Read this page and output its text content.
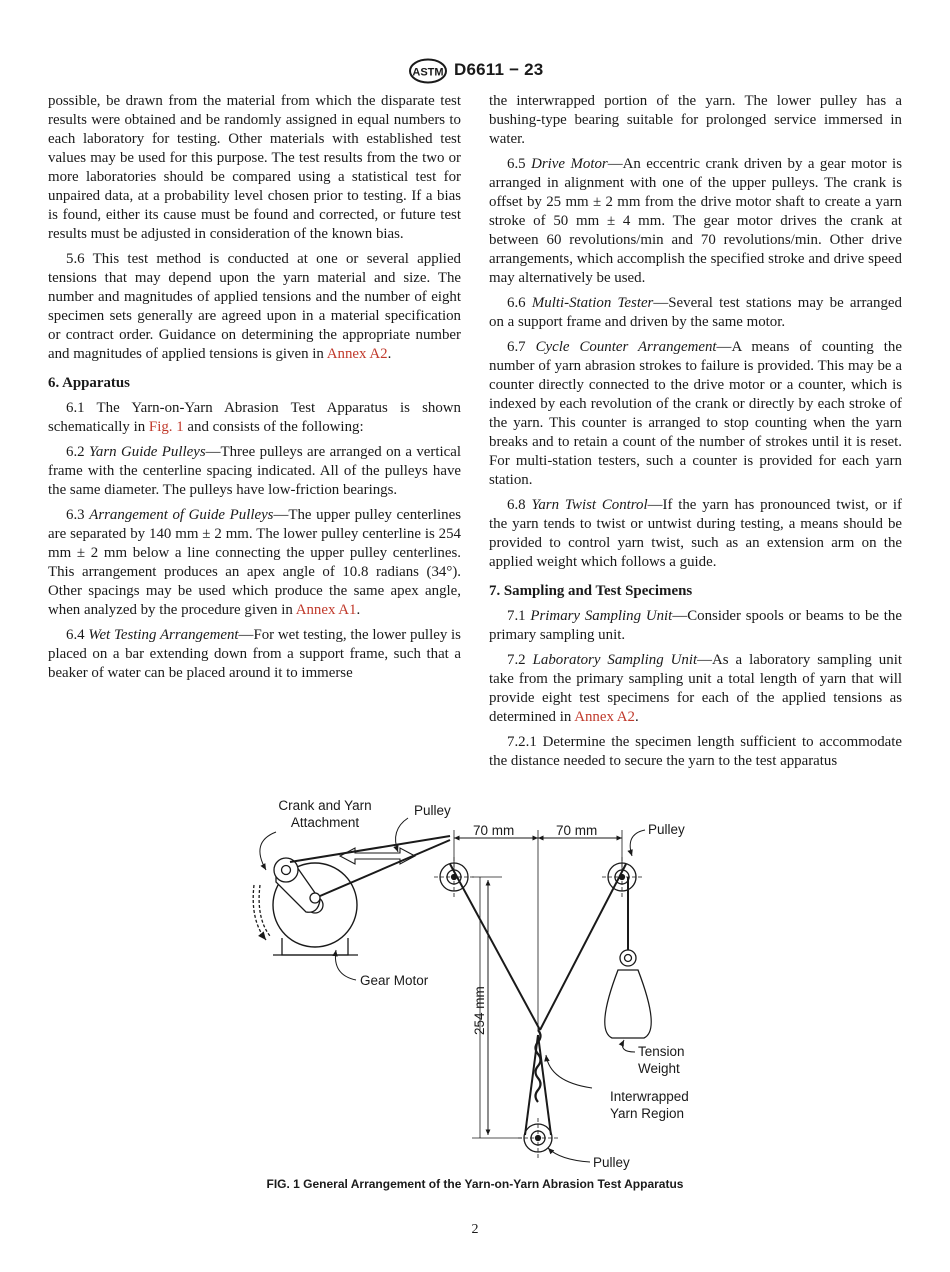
ASTM D6611 − 23

possible, be drawn from the material from which the disparate test results were obtained and be randomly assigned in equal numbers to each laboratory for testing. Other materials with established test values may be used for this purpose. The test results from the two or more laboratories should be compared using a statistical test for unpaired data, at a probability level chosen prior to testing. If a bias is found, either its cause must be found and corrected, or future test results must be adjusted in consideration of the known bias.

5.6 This test method is conducted at one or several applied tensions that may depend upon the yarn material and size. The number and magnitudes of applied tensions and the number of eight specimen sets generally are agreed upon in a material specification or contract order. Guidance on determining the appropriate number and magnitudes of applied tensions is given in Annex A2.

6. Apparatus

6.1 The Yarn-on-Yarn Abrasion Test Apparatus is shown schematically in Fig. 1 and consists of the following:

6.2 Yarn Guide Pulleys—Three pulleys are arranged on a vertical frame with the centerline spacing indicated. All of the pulleys have the same diameter. The pulleys have low-friction bearings.

6.3 Arrangement of Guide Pulleys—The upper pulley centerlines are separated by 140 mm ± 2 mm. The lower pulley centerline is 254 mm ± 2 mm below a line connecting the upper pulley centerlines. This arrangement produces an apex angle of 10.8 radians (34°). Other spacings may be used which produce the same apex angle, when analyzed by the procedure given in Annex A1.

6.4 Wet Testing Arrangement—For wet testing, the lower pulley is placed on a bar extending down from a support frame, such that a beaker of water can be placed around it to immerse

the interwrapped portion of the yarn. The lower pulley has a bushing-type bearing suitable for prolonged service immersed in water.

6.5 Drive Motor—An eccentric crank driven by a gear motor is arranged in alignment with one of the upper pulleys. The crank is offset by 25 mm ± 2 mm from the drive motor shaft to create a yarn stroke of 50 mm ± 4 mm. The gear motor drives the crank at between 60 revolutions/min and 70 revolutions/min. Other drive arrangements, which accomplish the specified stroke and drive speed may alternatively be used.

6.6 Multi-Station Tester—Several test stations may be arranged on a support frame and driven by the same motor.

6.7 Cycle Counter Arrangement—A means of counting the number of yarn abrasion strokes to failure is provided. This may be a counter directly connected to the drive motor or a counter, which is indexed by each revolution of the crank or directly by each stroke of the yarn. This counter is arranged to stop counting when the yarn breaks and to retain a count of the number of strokes until it is reset. For multi-station testers, such a counter is provided for each yarn station.

6.8 Yarn Twist Control—If the yarn has pronounced twist, or if the yarn tends to twist or untwist during testing, a means should be provided to control yarn twist, such as an extension arm on the applied weight which follows a guide.

7. Sampling and Test Specimens

7.1 Primary Sampling Unit—Consider spools or beams to be the primary sampling unit.

7.2 Laboratory Sampling Unit—As a laboratory sampling unit take from the primary sampling unit a total length of yarn that will provide eight test specimens for each of the applied tensions as determined in Annex A2.

7.2.1 Determine the specimen length sufficient to accommodate the distance needed to secure the yarn to the test apparatus

Crank and Yarn
Attachment
Pulley
Pulley
70 mm	70 mm
254 mm
Gear Motor
Tension
Weight
Interwrapped
Yarn Region
Pulley
FIG. 1 General Arrangement of the Yarn-on-Yarn Abrasion Test Apparatus
2
